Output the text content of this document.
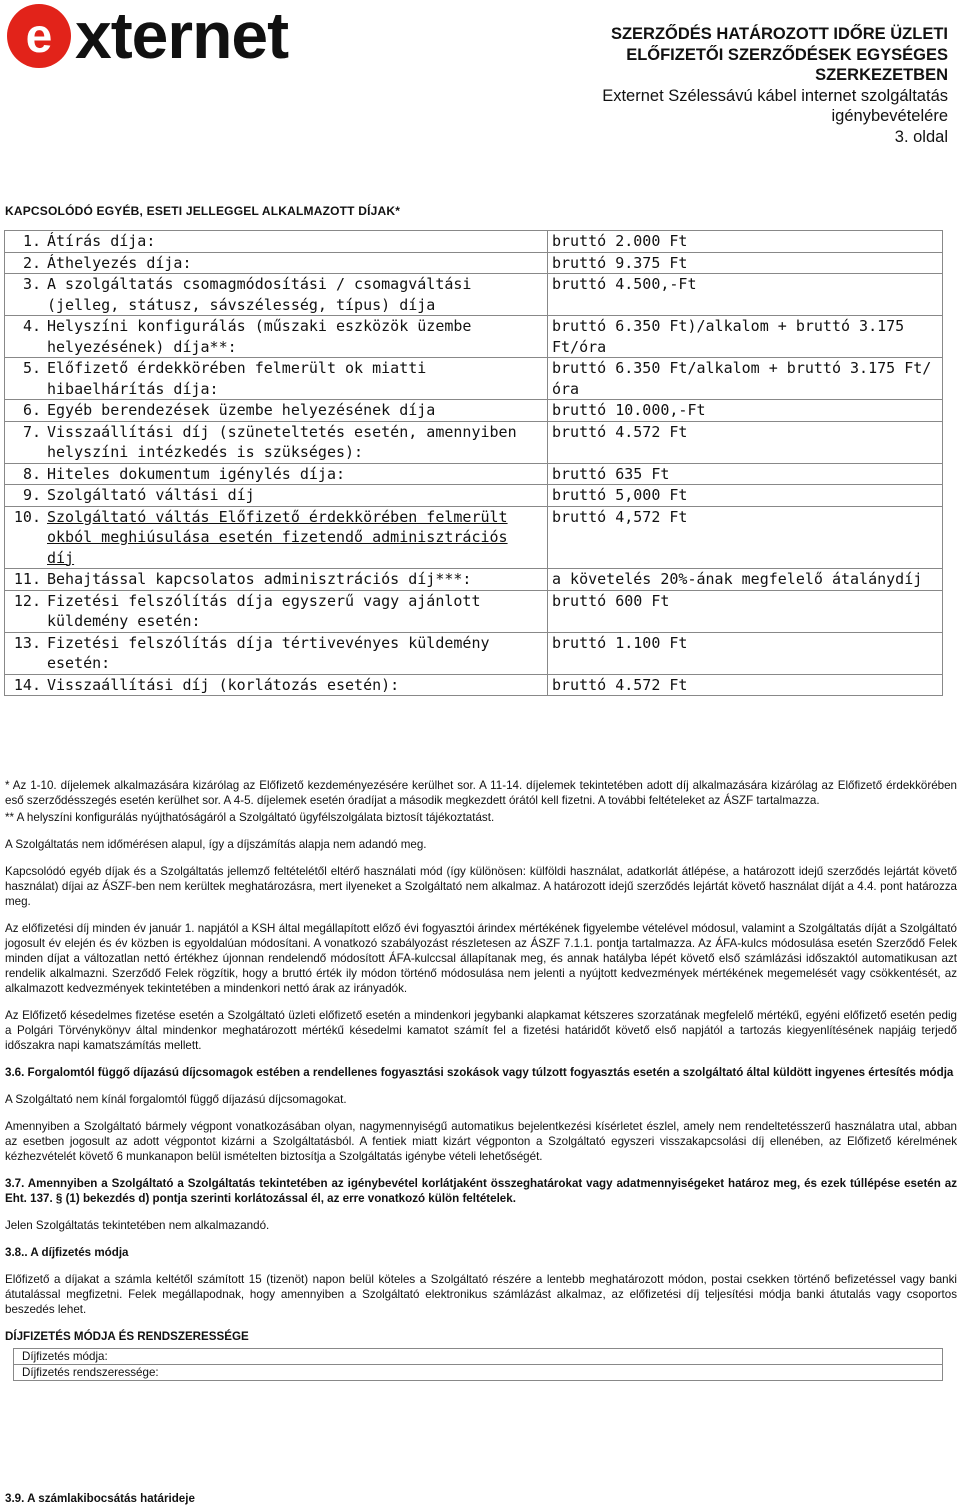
e xternet	SZERZŐDÉS HATÁROZOTT IDŐRE ÜZLETI
ELŐFIZETŐI SZERZŐDÉSEK EGYSÉGES
SZERKEZETBEN
Externet Szélessávú kábel internet szolgáltatás
igénybevételére
3. oldal
KAPCSOLÓDÓ EGYÉB, ESETI JELLEGGEL ALKALMAZOTT DÍJAK*
1. Átírás díja:	bruttó 2.000 Ft
2. Áthelyezés díja:	bruttó 9.375 Ft
3. A szolgáltatás csomagmódosítási / csomagváltási (jelleg, státusz, sávszélesség, típus) díja	bruttó 4.500,-Ft
4. Helyszíni konfigurálás (műszaki eszközök üzembe helyezésének) díja**:	bruttó 6.350 Ft)/alkalom + bruttó 3.175 Ft/óra
5. Előfizető érdekkörében felmerült ok miatti hibaelhárítás díja:	bruttó 6.350 Ft/alkalom + bruttó 3.175 Ft/óra
6. Egyéb berendezések üzembe helyezésének díja	bruttó 10.000,-Ft
7. Visszaállítási díj (szüneteltetés esetén, amennyiben helyszíni intézkedés is szükséges):	bruttó 4.572 Ft
8. Hiteles dokumentum igénylés díja:	bruttó 635 Ft
9. Szolgáltató váltási díj	bruttó 5,000 Ft
10. Szolgáltató váltás Előfizető érdekkörében felmerült okból meghiúsulása esetén fizetendő adminisztrációs díj	bruttó 4,572 Ft
11. Behajtással kapcsolatos adminisztrációs díj***:	a követelés 20%-ának megfelelő átalánydíj
12. Fizetési felszólítás díja egyszerű vagy ajánlott küldemény esetén:	bruttó 600 Ft
13. Fizetési felszólítás díja tértivevényes küldemény esetén:	bruttó 1.100 Ft
14. Visszaállítási díj (korlátozás esetén):	bruttó 4.572 Ft

* Az 1-10. díjelemek alkalmazására kizárólag az Előfizető kezdeményezésére kerülhet sor. A 11-14. díjelemek tekintetében adott díj alkalmazására kizárólag az Előfizető érdekkörében eső szerződésszegés esetén kerülhet sor. A 4-5. díjelemek esetén óradíjat a második megkezdett órától kell fizetni. A további feltételeket az ÁSZF tartalmazza.

** A helyszíni konfigurálás nyújthatóságáról a Szolgáltató ügyfélszolgálata biztosít tájékoztatást.

A Szolgáltatás nem időmérésen alapul, így a díjszámítás alapja nem adandó meg.

Kapcsolódó egyéb díjak és a Szolgáltatás jellemző feltételétől eltérő használati mód (így különösen: külföldi használat, adatkorlát átlépése, a határozott idejű szerződés lejártát követő használat) díjai az ÁSZF-ben nem kerültek meghatározásra, mert ilyeneket a Szolgáltató nem alkalmaz. A határozott idejű szerződés lejártát követő használat díját a 4.4. pont határozza meg.

Az előfizetési díj minden év január 1. napjától a KSH által megállapított előző évi fogyasztói árindex mértékének figyelembe vételével módosul, valamint a Szolgáltatás díját a Szolgáltató jogosult év elején és év közben is egyoldalúan módosítani. A vonatkozó szabályozást részletesen az ÁSZF 7.1.1. pontja tartalmazza. Az ÁFA-kulcs módosulása esetén Szerződő Felek minden díjat a változatlan nettó értékhez újonnan rendelendő módosított ÁFA-kulccsal állapítanak meg, és annak hatályba lépét követő első számlázási időszaktól automatikusan azt rendelik alkalmazni. Szerződő Felek rögzítik, hogy a bruttó érték ily módon történő módosulása nem jelenti a nyújtott kedvezmények mértékének megemelését vagy csökkentését, az alkalmazott kedvezmények tekintetében a mindenkori nettó árak az irányadók.

Az Előfizető késedelmes fizetése esetén a Szolgáltató üzleti előfizető esetén a mindenkori jegybanki alapkamat kétszeres szorzatának megfelelő mértékű, egyéni előfizető esetén pedig a Polgári Törvénykönyv által mindenkor meghatározott mértékű késedelmi kamatot számít fel a fizetési határidőt követő első napjától a tartozás kiegyenlítésének napjáig terjedő időszakra napi kamatszámítás mellett.

3.6. Forgalomtól függő díjazású díjcsomagok estében a rendellenes fogyasztási szokások vagy túlzott fogyasztás esetén a szolgáltató által küldött ingyenes értesítés módja

A Szolgáltató nem kínál forgalomtól függő díjazású díjcsomagokat.

Amennyiben a Szolgáltató bármely végpont vonatkozásában olyan, nagymennyiségű automatikus bejelentkezési kísérletet észlel, amely nem rendeltetésszerű használatra utal, abban az esetben jogosult az adott végpontot kizárni a Szolgáltatásból. A fentiek miatt kizárt végponton a Szolgáltató egyszeri visszakapcsolási díj ellenében, az Előfizető kérelmének kézhezvételét követő 6 munkanapon belül ismételten biztosítja a Szolgáltatás igénybe vételi lehetőségét.

3.7. Amennyiben a Szolgáltató a Szolgáltatás tekintetében az igénybevétel korlátjaként összeghatárokat vagy adatmennyiségeket határoz meg, és ezek túllépése esetén az Eht. 137. § (1) bekezdés d) pontja szerinti korlátozással él, az erre vonatkozó külön feltételek.

Jelen Szolgáltatás tekintetében nem alkalmazandó.

3.8.. A díjfizetés módja

Előfizető a díjakat a számla keltétől számított 15 (tizenöt) napon belül köteles a Szolgáltató részére a lentebb meghatározott módon, postai csekken történő befizetéssel vagy banki átutalással megfizetni. Felek megállapodnak, hogy amennyiben a Szolgáltató elektronikus számlázást alkalmaz, az előfizetési díj teljesítési módja banki átutalás vagy csoportos beszedés lehet.

DÍJFIZETÉS MÓDJA ÉS RENDSZERESSÉGE

Díjfizetés módja:
Díjfizetés rendszeressége:
3.9. A számlakibocsátás határideje
